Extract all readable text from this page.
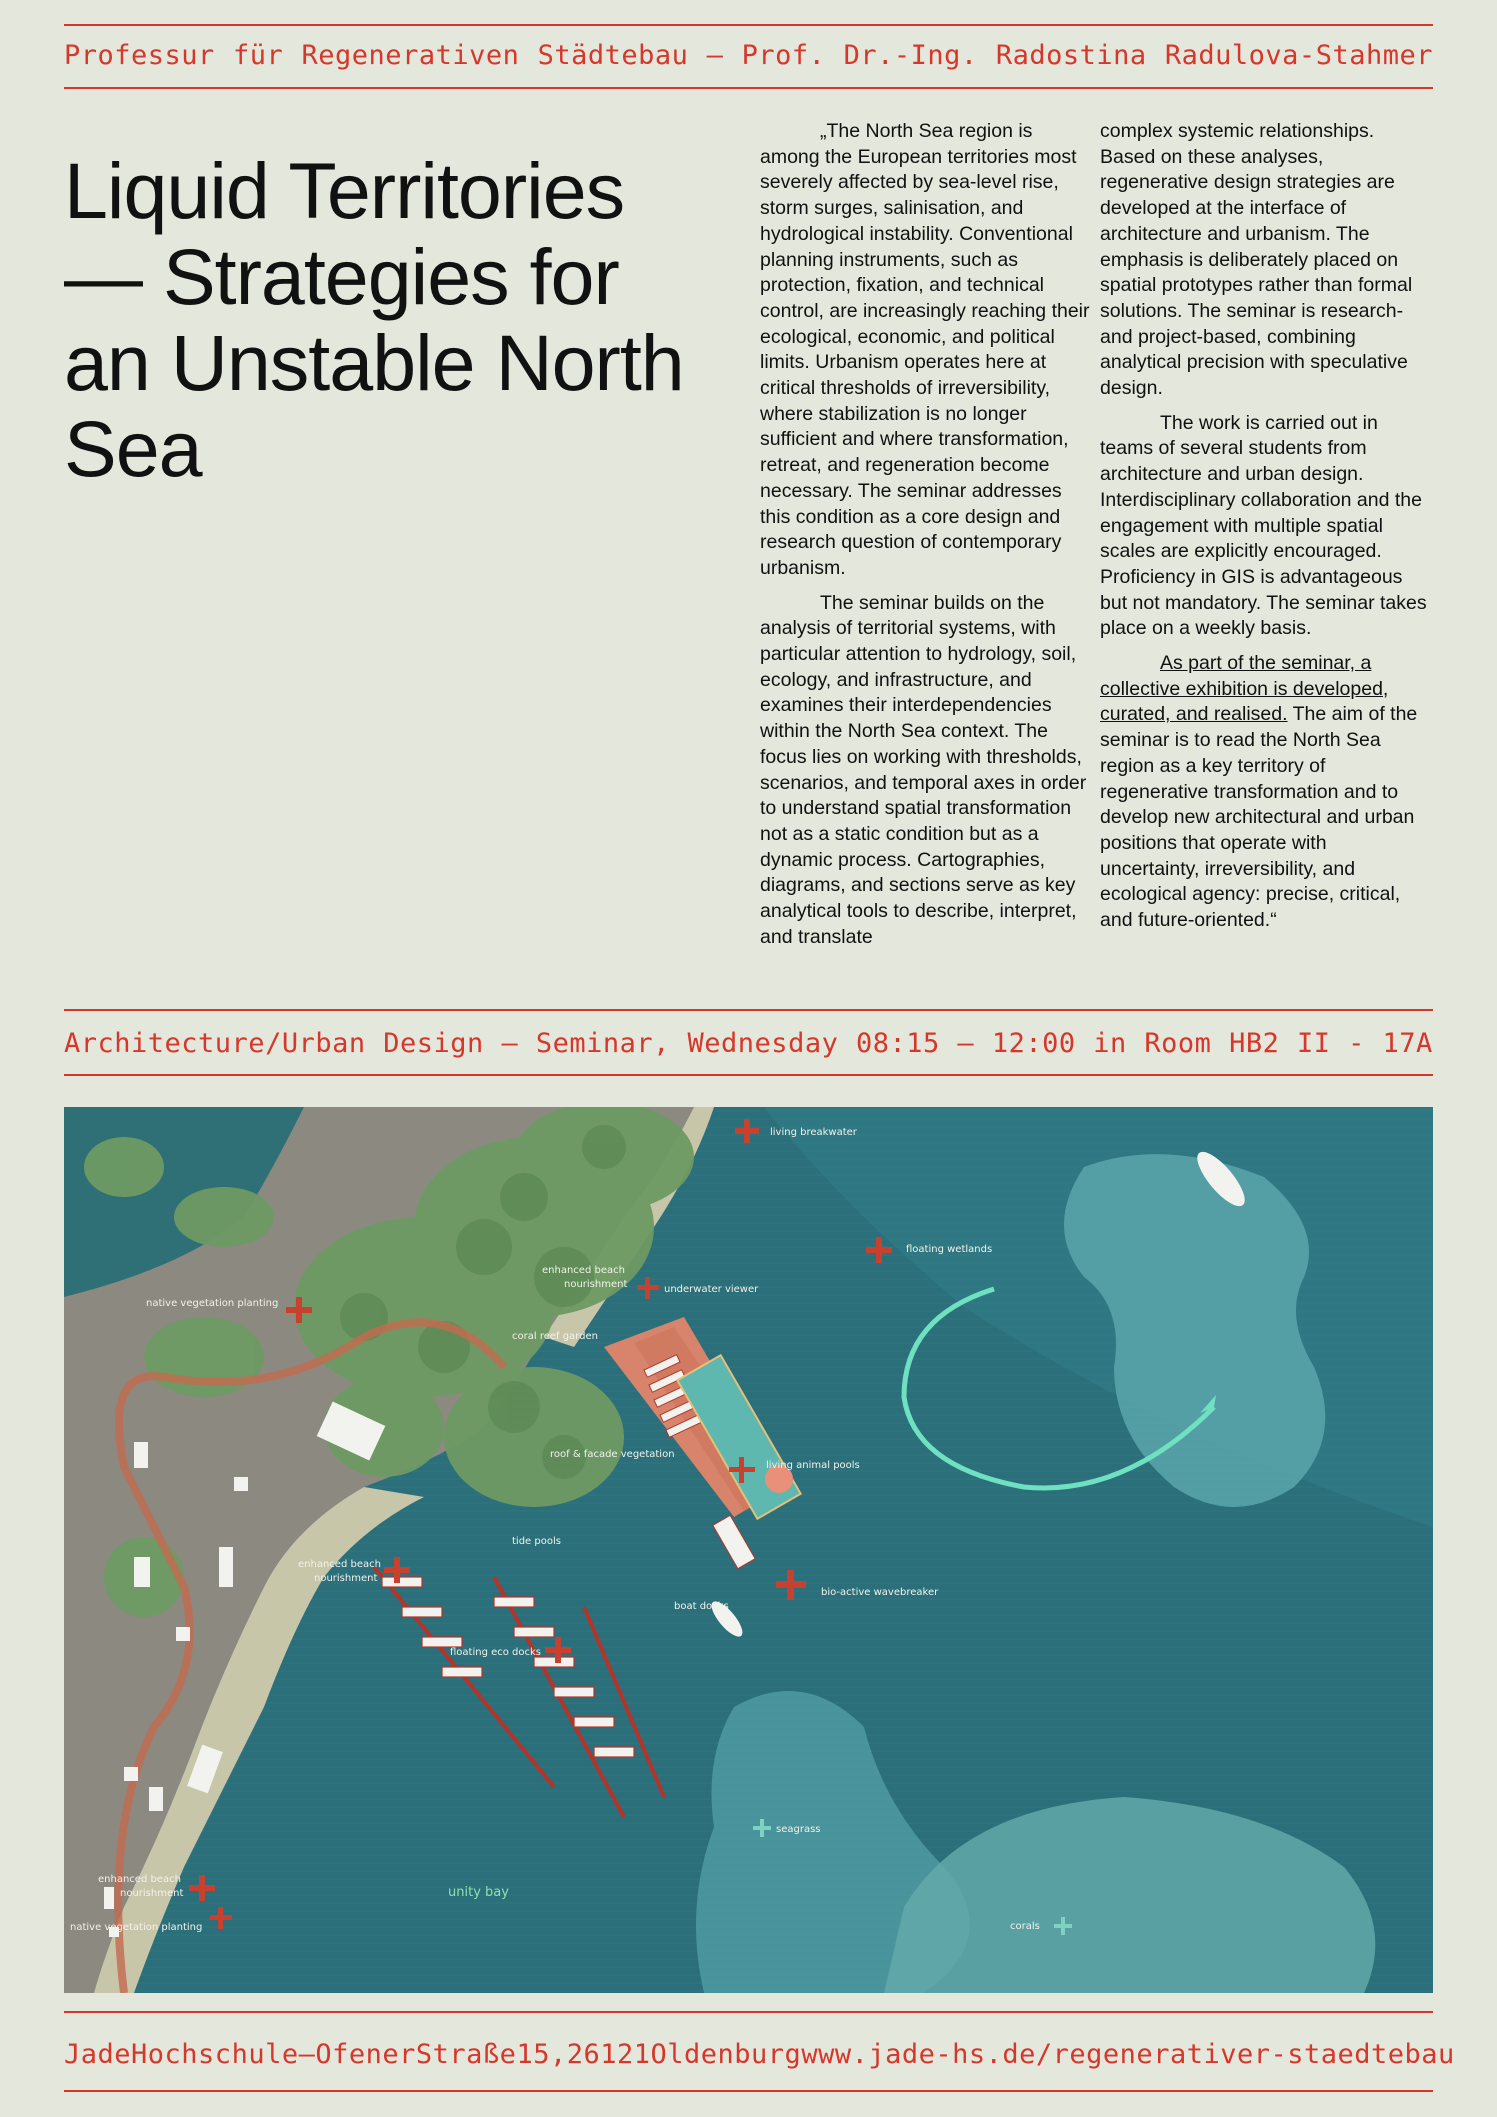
Professur für Regenerativen Städtebau — Prof. Dr.-Ing. Radostina Radulova-Stahmer
Liquid Territories
— Strategies for
an Unstable North
Sea

„The North Sea region is among the European territories most severely affected by sea-level rise, storm surges, salinisation, and hydrological instability. Conventional planning instruments, such as protection, fixation, and technical control, are increasingly reaching their ecological, economic, and political limits. Urbanism operates here at critical thresholds of irreversibility, where stabilization is no longer sufficient and where transformation, retreat, and regeneration become necessary. The seminar addresses this condition as a core design and research question of contemporary urbanism.

The seminar builds on the analysis of territorial systems, with particular attention to hydrology, soil, ecology, and infrastructure, and examines their interdependencies within the North Sea context. The focus lies on working with thresholds, scenarios, and temporal axes in order to understand spatial transformation not as a static condition but as a dynamic process. Cartographies, diagrams, and sections serve as key analytical tools to describe, interpret, and translate

complex systemic relationships. Based on these analyses, regenerative design strategies are developed at the interface of architecture and urbanism. The emphasis is deliberately placed on spatial prototypes rather than formal solutions. The seminar is research- and project-based, combining analytical precision with speculative design.

The work is carried out in teams of several students from architecture and urban design. Interdisciplinary collaboration and the engagement with multiple spatial scales are explicitly encouraged. Proficiency in GIS is advantageous but not mandatory. The seminar takes place on a weekly basis.

As part of the seminar, a collective exhibition is developed, curated, and realised. The aim of the seminar is to read the North Sea region as a key territory of regenerative transformation and to develop new architectural and urban positions that operate with uncertainty, irreversibility, and ecological agency: precise, critical, and future-oriented.“

Architecture/Urban Design — Seminar, Wednesday 08:15 — 12:00 in Room HB2 II - 17A
living breakwater
floating wetlands
enhanced beach
nourishment
native vegetation planting
underwater viewer
coral reef garden
roof & facade vegetation
living animal pools
tide pools
enhanced beach
nourishment
bio-active wavebreaker
boat docks
floating eco docks
seagrass
unity bay
enhanced beach
nourishment
native vegetation planting	corals
Jade Hochschule — Ofener Straße 15, 26121 Oldenburg www.jade-hs.de/regenerativer-staedtebau
